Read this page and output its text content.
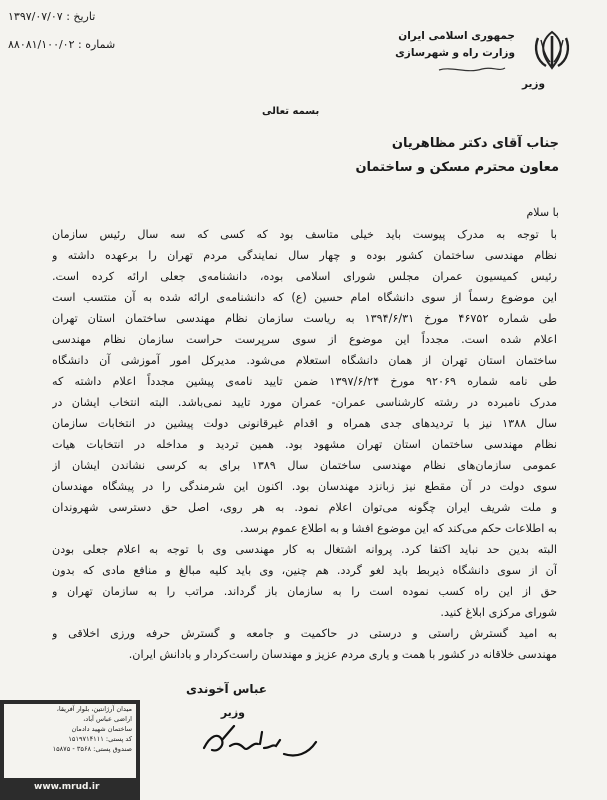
جمهوری اسلامی ایران
وزارت راه و شهرسازی
وزیر
تاریخ : ۱۳۹۷/۰۷/۰۷
شماره : ۸۸۰۸۱/۱۰۰/۰۲
بسمه تعالی
جناب آقای دکتر مظاهریان
معاون محترم مسکن و ساختمان
با سلام
با توجه به مدرک پیوست باید خیلی متاسف بود که کسی که سه سال رئیس سازمان
نظام مهندسی ساختمان کشور بوده و چهار سال نمایندگی مردم تهران را برعهده داشته و
رئیس کمیسیون عمران مجلس شورای اسلامی بوده، دانشنامه‌ی جعلی ارائه کرده است.
این موضوع رسماً از سوی دانشگاه امام حسین (ع) که دانشنامه‌ی ارائه شده به آن منتسب است
طی شماره ۴۶۷۵۲ مورخ ۱۳۹۴/۶/۳۱ به ریاست سازمان نظام مهندسی ساختمان استان تهران
اعلام شده است. مجدداً این موضوع از سوی سرپرست حراست سازمان نظام مهندسی
ساختمان استان تهران از همان دانشگاه استعلام می‌شود. مدیرکل امور آموزشی آن دانشگاه
طی نامه شماره ۹۲۰۶۹ مورخ ۱۳۹۷/۶/۲۴ ضمن تایید نامه‌ی پیشین مجدداً اعلام داشته که
مدرک نامبرده در رشته کارشناسی عمران- عمران مورد تایید نمی‌باشد. البته انتخاب ایشان در
سال ۱۳۸۸ نیز با تردیدهای جدی همراه و اقدام غیرقانونی دولت پیشین در انتخابات سازمان
نظام مهندسی ساختمان استان تهران مشهود بود. همین تردید و مداخله در انتخابات هیات
عمومی سازمان‌های نظام مهندسی ساختمان سال ۱۳۸۹ برای به کرسی نشاندن ایشان از
سوی دولت در آن مقطع نیز زبانزد مهندسان بود. اکنون این شرمندگی را در پیشگاه مهندسان
و ملت شریف ایران چگونه می‌توان اعلام نمود. به هر روی، اصل حق دسترسی شهروندان
به اطلاعات حکم می‌کند که این موضوع افشا و به اطلاع عموم برسد.
البته بدین حد نباید اکتفا کرد. پروانه اشتغال به کار مهندسی وی با توجه به اعلام جعلی بودن
آن از سوی دانشگاه ذیربط باید لغو گردد. هم چنین، وی باید کلیه مبالغ و منافع مادی که بدون
حق از این راه کسب نموده است را به سازمان باز گرداند. مراتب را به سازمان تهران و
شورای مرکزی ابلاغ کنید.
به امید گسترش راستی و درستی در حاکمیت و جامعه و گسترش حرفه ورزی اخلاقی و
مهندسی خلاقانه در کشور با همت و یاری مردم عزیز و مهندسان راست‌کردار و بادانش ایران.
عباس آخوندی
وزیر
میدان آرژانتین، بلوار آفریقا،
اراضی عباس آباد،
ساختمان شهید دادمان
کد پستی: ۱۵۱۹۷۱۴۱۱۱
صندوق پستی: ۳۵۶۸ - ۱۵۸۷۵
www.mrud.ir
